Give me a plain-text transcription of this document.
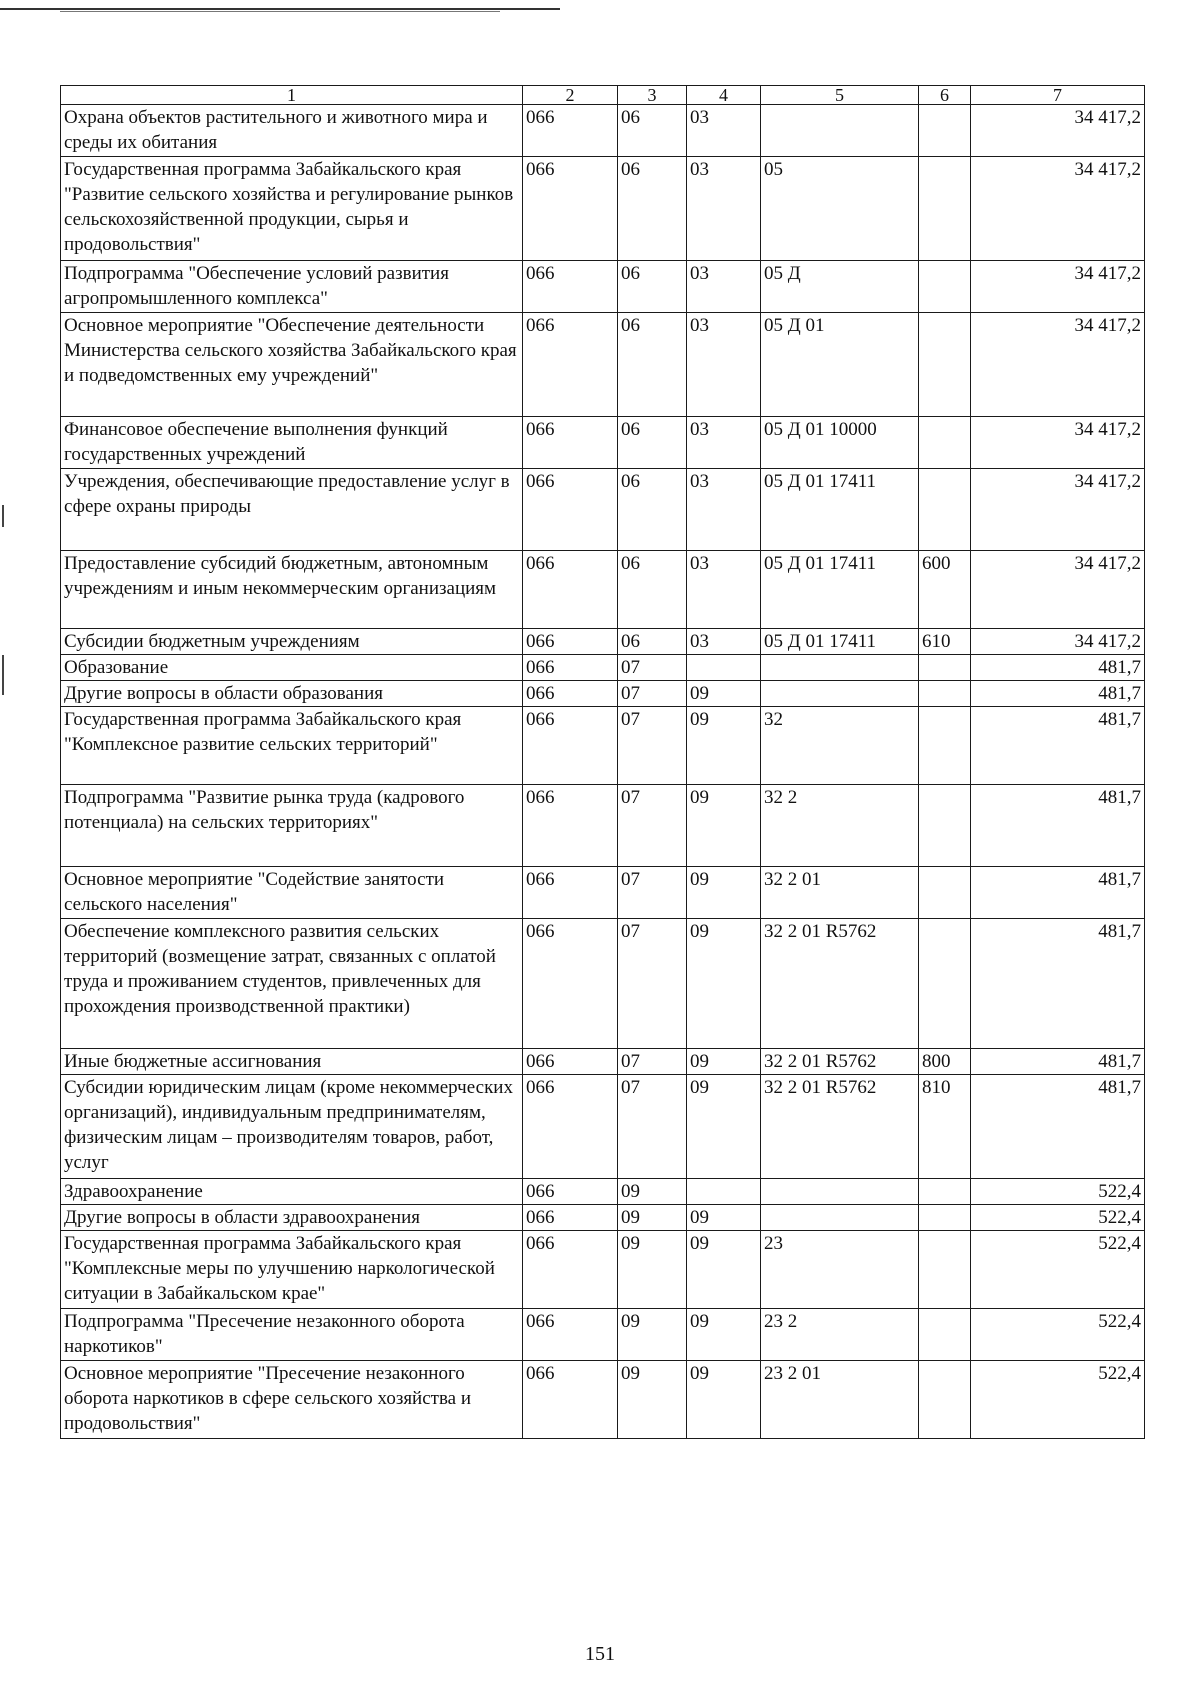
1	2	3	4	5	6	7
Охрана объектов растительного и животного мира и среды их обитания	066	06	03			34 417,2
Государственная программа Забайкальского края "Развитие сельского хозяйства и регулирование рынков сельскохозяйственной продукции, сырья и продовольствия"	066	06	03	05		34 417,2
Подпрограмма "Обеспечение условий развития агропромышленного комплекса"	066	06	03	05 Д		34 417,2
Основное мероприятие "Обеспечение деятельности Министерства сельского хозяйства Забайкальского края и подведомственных ему учреждений"	066	06	03	05 Д 01		34 417,2
Финансовое обеспечение выполнения функций государственных учреждений	066	06	03	05 Д 01 10000		34 417,2
Учреждения, обеспечивающие предоставление услуг в сфере охраны природы	066	06	03	05 Д 01 17411		34 417,2
Предоставление субсидий бюджетным, автономным учреждениям и иным некоммерческим организациям	066	06	03	05 Д 01 17411	600	34 417,2
Субсидии бюджетным учреждениям	066	06	03	05 Д 01 17411	610	34 417,2
Образование	066	07				481,7
Другие вопросы в области образования	066	07	09			481,7
Государственная программа Забайкальского края "Комплексное развитие сельских территорий"	066	07	09	32		481,7
Подпрограмма "Развитие рынка труда (кадрового потенциала) на сельских территориях"	066	07	09	32 2		481,7
Основное мероприятие "Содействие занятости сельского населения"	066	07	09	32 2 01		481,7
Обеспечение комплексного развития сельских территорий (возмещение затрат, связанных с оплатой труда и проживанием студентов, привлеченных для прохождения производственной практики)	066	07	09	32 2 01 R5762		481,7
Иные бюджетные ассигнования	066	07	09	32 2 01 R5762	800	481,7
Субсидии юридическим лицам (кроме некоммерческих организаций), индивидуальным предпринимателям, физическим лицам – производителям товаров, работ, услуг	066	07	09	32 2 01 R5762	810	481,7
Здравоохранение	066	09				522,4
Другие вопросы в области здравоохранения	066	09	09			522,4
Государственная программа Забайкальского края "Комплексные меры по улучшению наркологической ситуации в Забайкальском крае"	066	09	09	23		522,4
Подпрограмма "Пресечение незаконного оборота наркотиков"	066	09	09	23 2		522,4
Основное мероприятие "Пресечение незаконного оборота наркотиков в сфере сельского хозяйства и продовольствия"	066	09	09	23 2 01		522,4
151
